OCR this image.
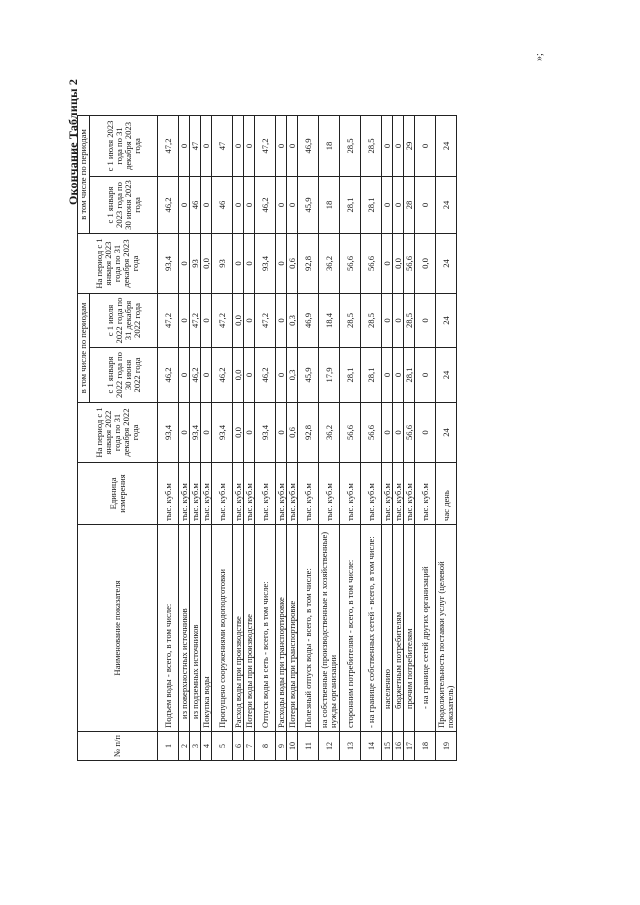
Окончание Таблицы 2
№ п/п	Наименование показателя	Единица измерения	На период с 1 января 2022 года по 31 декабря 2022 года	в том числе по периодам		На период с 1 января 2023 года по 31 декабря 2023 года	в том числе по периодам	
				с 1 января 2022 года по 30 июня 2022 года	с 1 июля 2022 года по 31 декабря 2022 года		с 1 января 2023 года по 30 июня 2023 года	с 1 июля 2023 года по 31 декабря 2023 года
1	Подъем воды - всего, в том числе:	тыс. куб.м	93,4	46,2	47,2	93,4	46,2	47,2
2	из поверхностных источников	тыс. куб.м	0	0	0	0	0	0
3	из подземных источников	тыс. куб.м	93,4	46,2	47,2	93	46	47
4	Покупка воды	тыс. куб.м	0	0	0	0,0	0	0
5	Пропущено сооружениями водоподготовки	тыс. куб.м	93,4	46,2	47,2	93	46	47
6	Расход воды при производстве	тыс. куб.м	0,0	0,0	0,0	0	0	0
7	Потери воды при производстве	тыс. куб.м	0	0	0	0	0	0
8	Отпуск воды в сеть - всего, в том числе:	тыс. куб.м	93,4	46,2	47,2	93,4	46,2	47,2
9	Расходы воды при транспортировке	тыс. куб.м	0	0	0	0	0	0
10	Потери воды при транспортировке	тыс. куб.м	0,6	0,3	0,3	0,6	0	0
11	Полезный отпуск воды - всего, в том числе:	тыс. куб.м	92,8	45,9	46,9	92,8	45,9	46,9
12	на собственные (производственные и хозяйственные) нужды организации	тыс. куб.м	36,2	17,9	18,4	36,2	18	18
13	сторонним потребителям - всего, в том числе:	тыс. куб.м	56,6	28,1	28,5	56,6	28,1	28,5
14	- на границе собственных сетей - всего, в том числе:	тыс. куб.м	56,6	28,1	28,5	56,6	28,1	28,5
15	населению	тыс. куб.м	0	0	0	0	0	0
16	бюджетным потребителям	тыс. куб.м	0	0	0	0,0	0	0
17	прочим потребителям	тыс. куб.м	56,6	28,1	28,5	56,6	28	29
18	- на границе сетей других организаций	тыс. куб.м	0	0	0	0,0	0	0
19	Продолжительность поставки услуг (целевой показатель)	час день	24	24	24	24	24	24
»;
